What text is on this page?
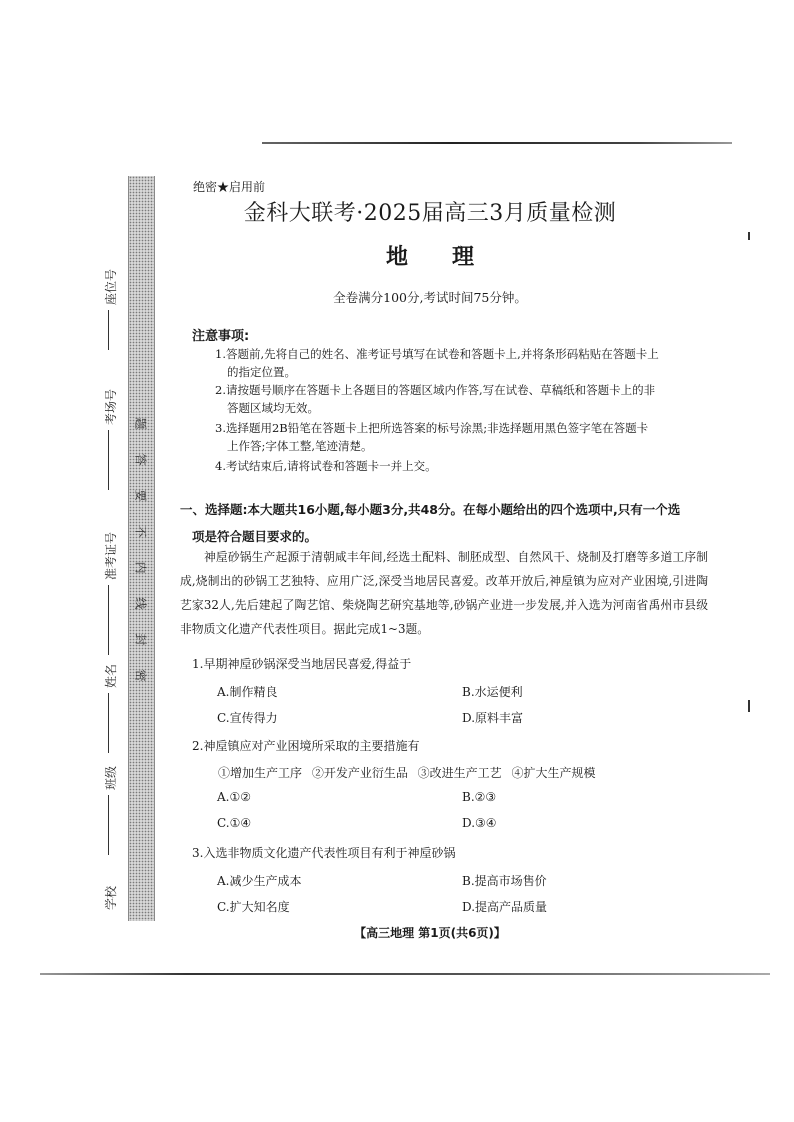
题
答
要
不
内
线
封
密
座位号
考场号
准考证号
姓名
班级
学校
绝密★启用前
金科大联考·2025届高三3月质量检测
地 理
全卷满分100分,考试时间75分钟。
注意事项:
1.答题前,先将自己的姓名、准考证号填写在试卷和答题卡上,并将条形码粘贴在答题卡上
的指定位置。
2.请按题号顺序在答题卡上各题目的答题区域内作答,写在试卷、草稿纸和答题卡上的非
答题区域均无效。
3.选择题用2B铅笔在答题卡上把所选答案的标号涂黑;非选择题用黑色签字笔在答题卡
上作答;字体工整,笔迹清楚。
4.考试结束后,请将试卷和答题卡一并上交。
一、选择题:本大题共16小题,每小题3分,共48分。在每小题给出的四个选项中,只有一个选
项是符合题目要求的。
神垕砂锅生产起源于清朝咸丰年间,经选土配料、制胚成型、自然风干、烧制及打磨等多道工序制成,烧制出的砂锅工艺独特、应用广泛,深受当地居民喜爱。改革开放后,神垕镇为应对产业困境,引进陶艺家32人,先后建起了陶艺馆、柴烧陶艺研究基地等,砂锅产业进一步发展,并入选为河南省禹州市县级非物质文化遗产代表性项目。据此完成1~3题。
1.早期神垕砂锅深受当地居民喜爱,得益于
A.制作精良	B.水运便利
C.宣传得力	D.原料丰富
2.神垕镇应对产业困境所采取的主要措施有
①增加生产工序 ②开发产业衍生品 ③改进生产工艺 ④扩大生产规模
A.①②	B.②③
C.①④	D.③④
3.入选非物质文化遗产代表性项目有利于神垕砂锅
A.减少生产成本	B.提高市场售价
C.扩大知名度	D.提高产品质量
【高三地理 第1页(共6页)】
